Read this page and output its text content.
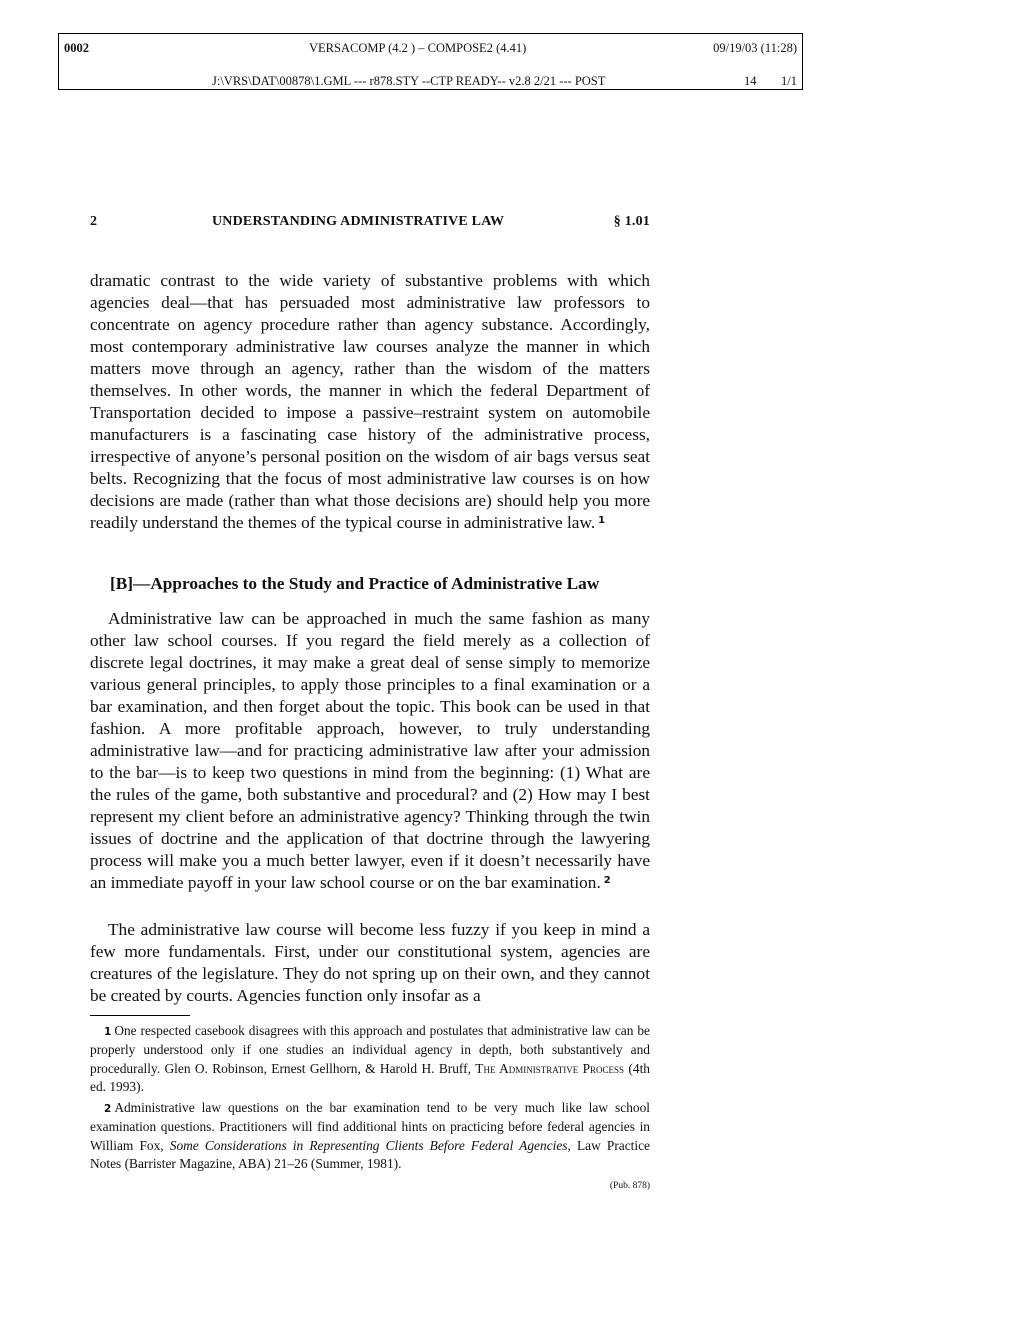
0002	VERSACOMP (4.2 ) – COMPOSE2 (4.41)	09/19/03 (11:28)
J:\VRS\DAT\00878\1.GML --- r878.STY --CTP READY-- v2.8 2/21 --- POST	14 1/1
2	UNDERSTANDING ADMINISTRATIVE LAW	§ 1.01

dramatic contrast to the wide variety of substantive problems with which agencies deal—that has persuaded most administrative law professors to concentrate on agency procedure rather than agency substance. Accordingly, most contemporary administrative law courses analyze the manner in which matters move through an agency, rather than the wisdom of the matters themselves. In other words, the manner in which the federal Department of Transportation decided to impose a passive–restraint system on automobile manufacturers is a fascinating case history of the administrative process, irrespective of anyone’s personal position on the wisdom of air bags versus seat belts. Recognizing that the focus of most administrative law courses is on how decisions are made (rather than what those decisions are) should help you more readily understand the themes of the typical course in administrative law. $^1$

[B]—Approaches to the Study and Practice of Administrative Law

Administrative law can be approached in much the same fashion as many other law school courses. If you regard the field merely as a collection of discrete legal doctrines, it may make a great deal of sense simply to memorize various general principles, to apply those principles to a final examination or a bar examination, and then forget about the topic. This book can be used in that fashion. A more profitable approach, however, to truly understanding administrative law—and for practicing administrative law after your admission to the bar—is to keep two questions in mind from the beginning: (1) What are the rules of the game, both substantive and procedural? and (2) How may I best represent my client before an administrative agency? Thinking through the twin issues of doctrine and the application of that doctrine through the lawyering process will make you a much better lawyer, even if it doesn’t necessarily have an immediate payoff in your law school course or on the bar examination. $^2$

The administrative law course will become less fuzzy if you keep in mind a few more fundamentals. First, under our constitutional system, agencies are creatures of the legislature. They do not spring up on their own, and they cannot be created by courts. Agencies function only insofar as a

1 One respected casebook disagrees with this approach and postulates that administrative law can be properly understood only if one studies an individual agency in depth, both substantively and procedurally. Glen O. Robinson, Ernest Gellhorn, & Harold H. Bruff, The Administrative Process (4th ed. 1993).

2 Administrative law questions on the bar examination tend to be very much like law school examination questions. Practitioners will find additional hints on practicing before federal agencies in William Fox, Some Considerations in Representing Clients Before Federal Agencies, Law Practice Notes (Barrister Magazine, ABA) 21–26 (Summer, 1981).

(Pub. 878)
